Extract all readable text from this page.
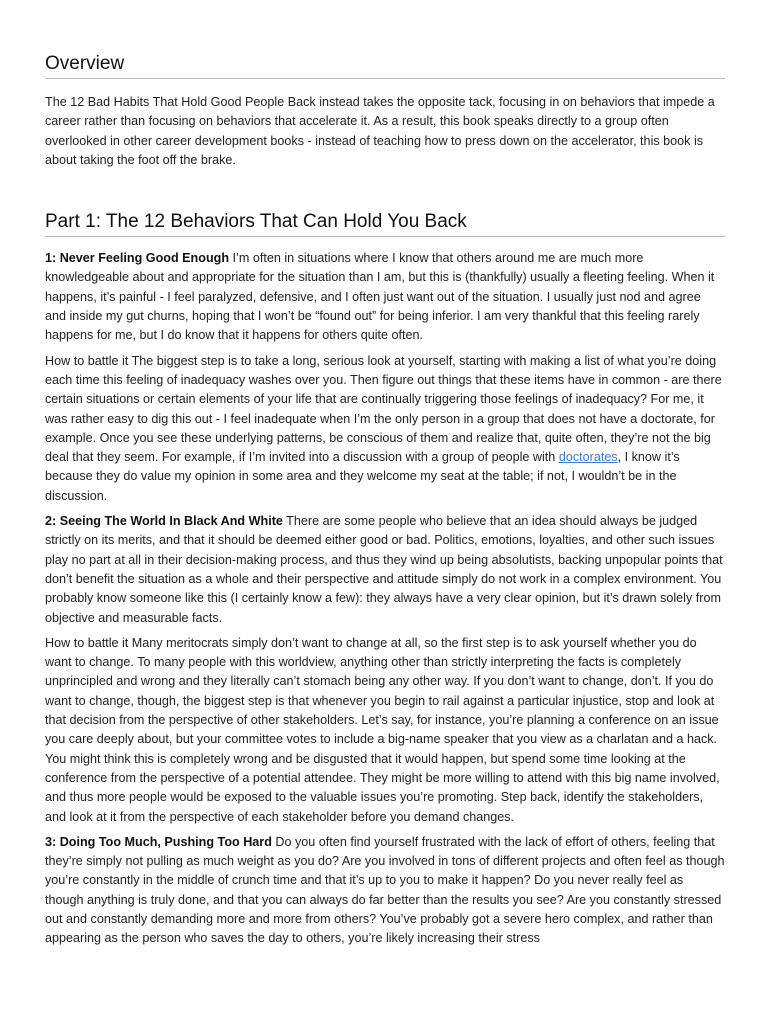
Overview

The 12 Bad Habits That Hold Good People Back instead takes the opposite tack, focusing in on behaviors that impede a career rather than focusing on behaviors that accelerate it. As a result, this book speaks directly to a group often overlooked in other career development books - instead of teaching how to press down on the accelerator, this book is about taking the foot off the brake.

Part 1: The 12 Behaviors That Can Hold You Back

1: Never Feeling Good Enough I’m often in situations where I know that others around me are much more knowledgeable about and appropriate for the situation than I am, but this is (thankfully) usually a fleeting feeling. When it happens, it’s painful - I feel paralyzed, defensive, and I often just want out of the situation. I usually just nod and agree and inside my gut churns, hoping that I won’t be “found out” for being inferior. I am very thankful that this feeling rarely happens for me, but I do know that it happens for others quite often.

How to battle it The biggest step is to take a long, serious look at yourself, starting with making a list of what you’re doing each time this feeling of inadequacy washes over you. Then figure out things that these items have in common - are there certain situations or certain elements of your life that are continually triggering those feelings of inadequacy? For me, it was rather easy to dig this out - I feel inadequate when I’m the only person in a group that does not have a doctorate, for example. Once you see these underlying patterns, be conscious of them and realize that, quite often, they’re not the big deal that they seem. For example, if I’m invited into a discussion with a group of people with doctorates, I know it’s because they do value my opinion in some area and they welcome my seat at the table; if not, I wouldn’t be in the discussion.

2: Seeing The World In Black And White There are some people who believe that an idea should always be judged strictly on its merits, and that it should be deemed either good or bad. Politics, emotions, loyalties, and other such issues play no part at all in their decision-making process, and thus they wind up being absolutists, backing unpopular points that don’t benefit the situation as a whole and their perspective and attitude simply do not work in a complex environment. You probably know someone like this (I certainly know a few): they always have a very clear opinion, but it’s drawn solely from objective and measurable facts.

How to battle it Many meritocrats simply don’t want to change at all, so the first step is to ask yourself whether you do want to change. To many people with this worldview, anything other than strictly interpreting the facts is completely unprincipled and wrong and they literally can’t stomach being any other way. If you don’t want to change, don’t. If you do want to change, though, the biggest step is that whenever you begin to rail against a particular injustice, stop and look at that decision from the perspective of other stakeholders. Let’s say, for instance, you’re planning a conference on an issue you care deeply about, but your committee votes to include a big-name speaker that you view as a charlatan and a hack. You might think this is completely wrong and be disgusted that it would happen, but spend some time looking at the conference from the perspective of a potential attendee. They might be more willing to attend with this big name involved, and thus more people would be exposed to the valuable issues you’re promoting. Step back, identify the stakeholders, and look at it from the perspective of each stakeholder before you demand changes.

3: Doing Too Much, Pushing Too Hard Do you often find yourself frustrated with the lack of effort of others, feeling that they’re simply not pulling as much weight as you do? Are you involved in tons of different projects and often feel as though you’re constantly in the middle of crunch time and that it’s up to you to make it happen? Do you never really feel as though anything is truly done, and that you can always do far better than the results you see? Are you constantly stressed out and constantly demanding more and more from others? You’ve probably got a severe hero complex, and rather than appearing as the person who saves the day to others, you’re likely increasing their stress
